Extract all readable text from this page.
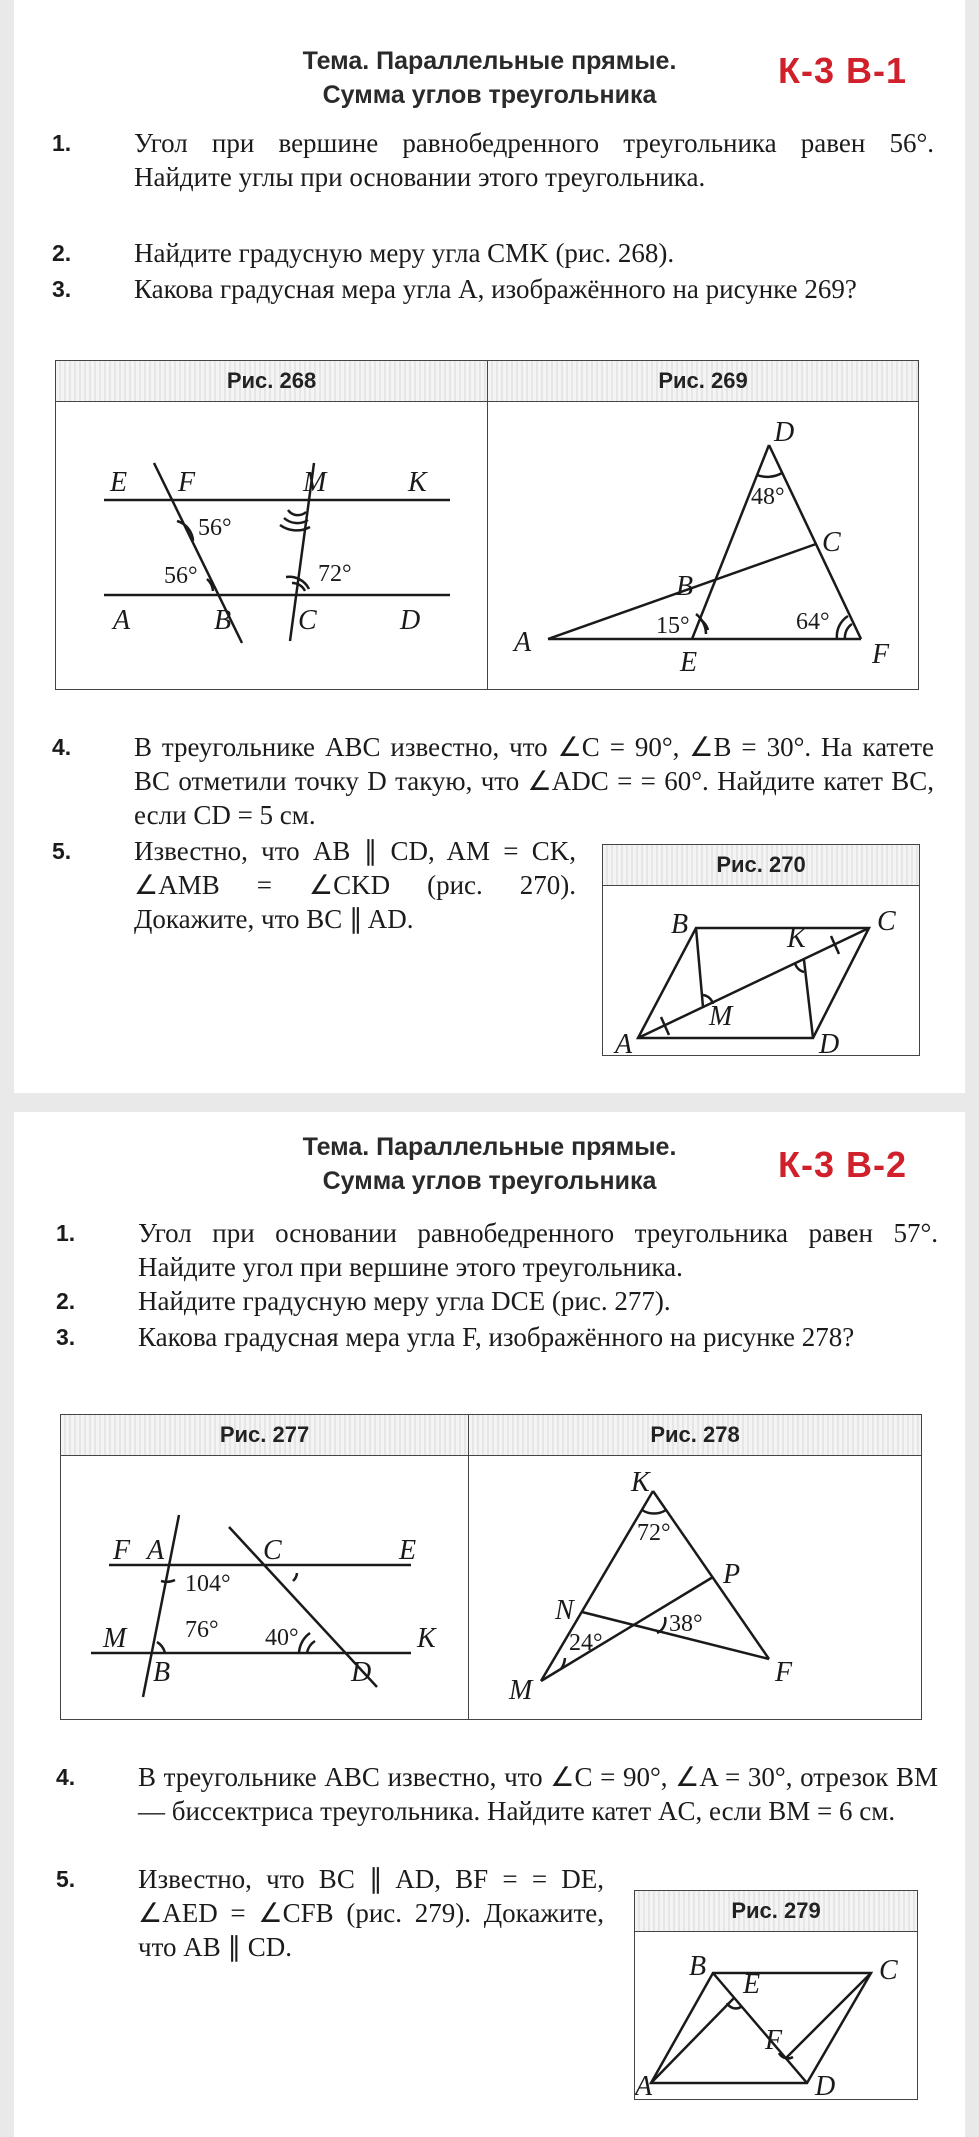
Тема. Параллельные прямые.
Сумма углов треугольника
К-3 В-1
1. Угол при вершине равнобедренного треугольника равен 56°. Найдите углы при основании этого треугольника.
2. Найдите градусную меру угла CMK (рис. 268).
3. Какова градусная мера угла A, изображённого на рисунке 269?
Рис. 268
E F	M	K
A	B C	D
56°
56°	72°
Рис. 269
D
C
B
A
E	F
48°
15°	64°
4. В треугольнике ABC известно, что ∠C = 90°, ∠B = 30°. На катете BC отметили точку D такую, что ∠ADC = = 60°. Найдите катет BC, если CD = 5 см.
5. Известно, что AB ∥ CD, AM = CK, ∠AMB = ∠CKD (рис. 270). Докажите, что BC ∥ AD.
Рис. 270
B	C
K
M
A	D
Тема. Параллельные прямые.
Сумма углов треугольника	К-3 В-2
1. Угол при основании равнобедренного треугольника равен 57°. Найдите угол при вершине этого треугольника.
2. Найдите градусную меру угла DCE (рис. 277).
3. Какова градусная мера угла F, изображённого на рисунке 278?
Рис. 277
F A	C	E
M
B	D
K
104°
76° 40°
Рис. 278
K
P
N
M
F
72°
24°
38°
4. В треугольнике ABC известно, что ∠C = 90°, ∠A = 30°, отрезок BM — биссектриса треугольника. Найдите катет AC, если BM = 6 см.
5. Известно, что BC ∥ AD, BF = = DE, ∠AED = ∠CFB (рис. 279). Докажите, что AB ∥ CD.
Рис. 279
B	C
E
F
A	D
